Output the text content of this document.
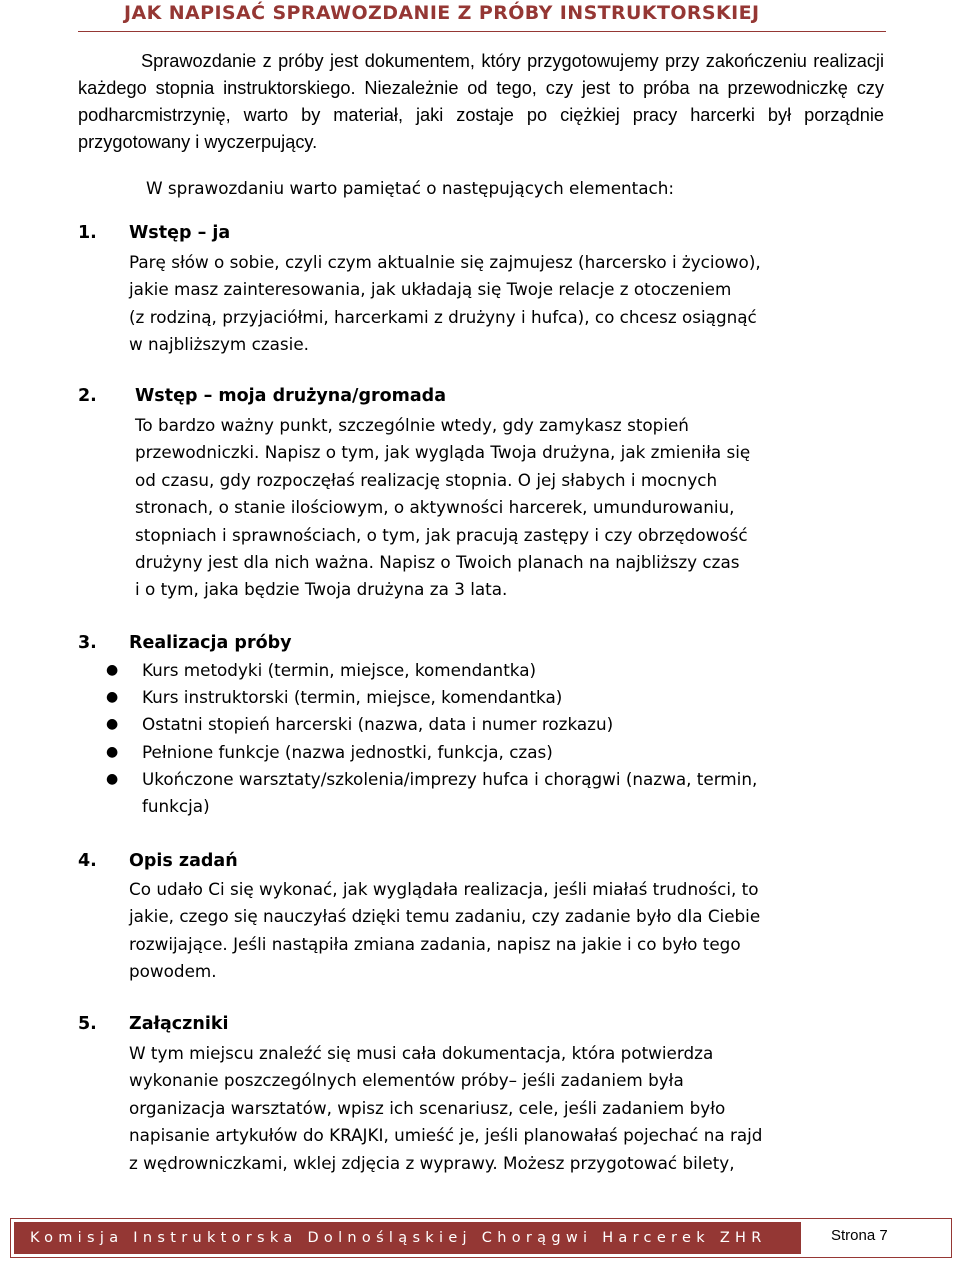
JAK NAPISAĆ SPRAWOZDANIE Z PRÓBY INSTRUKTORSKIEJ
Sprawozdanie z próby jest dokumentem, który przygotowujemy przy zakończeniu realizacji każdego stopnia instruktorskiego. Niezależnie od tego, czy jest to próba na przewodniczkę czy podharcmistrzynię, warto by materiał, jaki zostaje po ciężkiej pracy harcerki był porządnie przygotowany i wyczerpujący.
W sprawozdaniu warto pamiętać o następujących elementach:
1. Wstęp – ja
Parę słów o sobie, czyli czym aktualnie się zajmujesz (harcersko i życiowo),
jakie masz zainteresowania, jak układają się Twoje relacje z otoczeniem
(z rodziną, przyjaciółmi, harcerkami z drużyny i hufca), co chcesz osiągnąć
w najbliższym czasie.
2. Wstęp – moja drużyna/gromada
To bardzo ważny punkt, szczególnie wtedy, gdy zamykasz stopień
przewodniczki. Napisz o tym, jak wygląda Twoja drużyna, jak zmieniła się
od czasu, gdy rozpoczęłaś realizację stopnia. O jej słabych i mocnych
stronach, o stanie ilościowym, o aktywności harcerek, umundurowaniu,
stopniach i sprawnościach, o tym, jak pracują zastępy i czy obrzędowość
drużyny jest dla nich ważna. Napisz o Twoich planach na najbliższy czas
i o tym, jaka będzie Twoja drużyna za 3 lata.
3. Realizacja próby
● Kurs metodyki (termin, miejsce, komendantka)
● Kurs instruktorski (termin, miejsce, komendantka)
● Ostatni stopień harcerski (nazwa, data i numer rozkazu)
● Pełnione funkcje (nazwa jednostki, funkcja, czas)
● Ukończone warsztaty/szkolenia/imprezy hufca i chorągwi (nazwa, termin,
funkcja)
4. Opis zadań
Co udało Ci się wykonać, jak wyglądała realizacja, jeśli miałaś trudności, to
jakie, czego się nauczyłaś dzięki temu zadaniu, czy zadanie było dla Ciebie
rozwijające. Jeśli nastąpiła zmiana zadania, napisz na jakie i co było tego
powodem.
5. Załączniki
W tym miejscu znaleźć się musi cała dokumentacja, która potwierdza
wykonanie poszczególnych elementów próby– jeśli zadaniem była
organizacja warsztatów, wpisz ich scenariusz, cele, jeśli zadaniem było
napisanie artykułów do KRAJKI, umieść je, jeśli planowałaś pojechać na rajd
z wędrowniczkami, wklej zdjęcia z wyprawy. Możesz przygotować bilety,
Komisja Instruktorska Dolnośląskiej Chorągwi Harcerek ZHR	Strona 7
